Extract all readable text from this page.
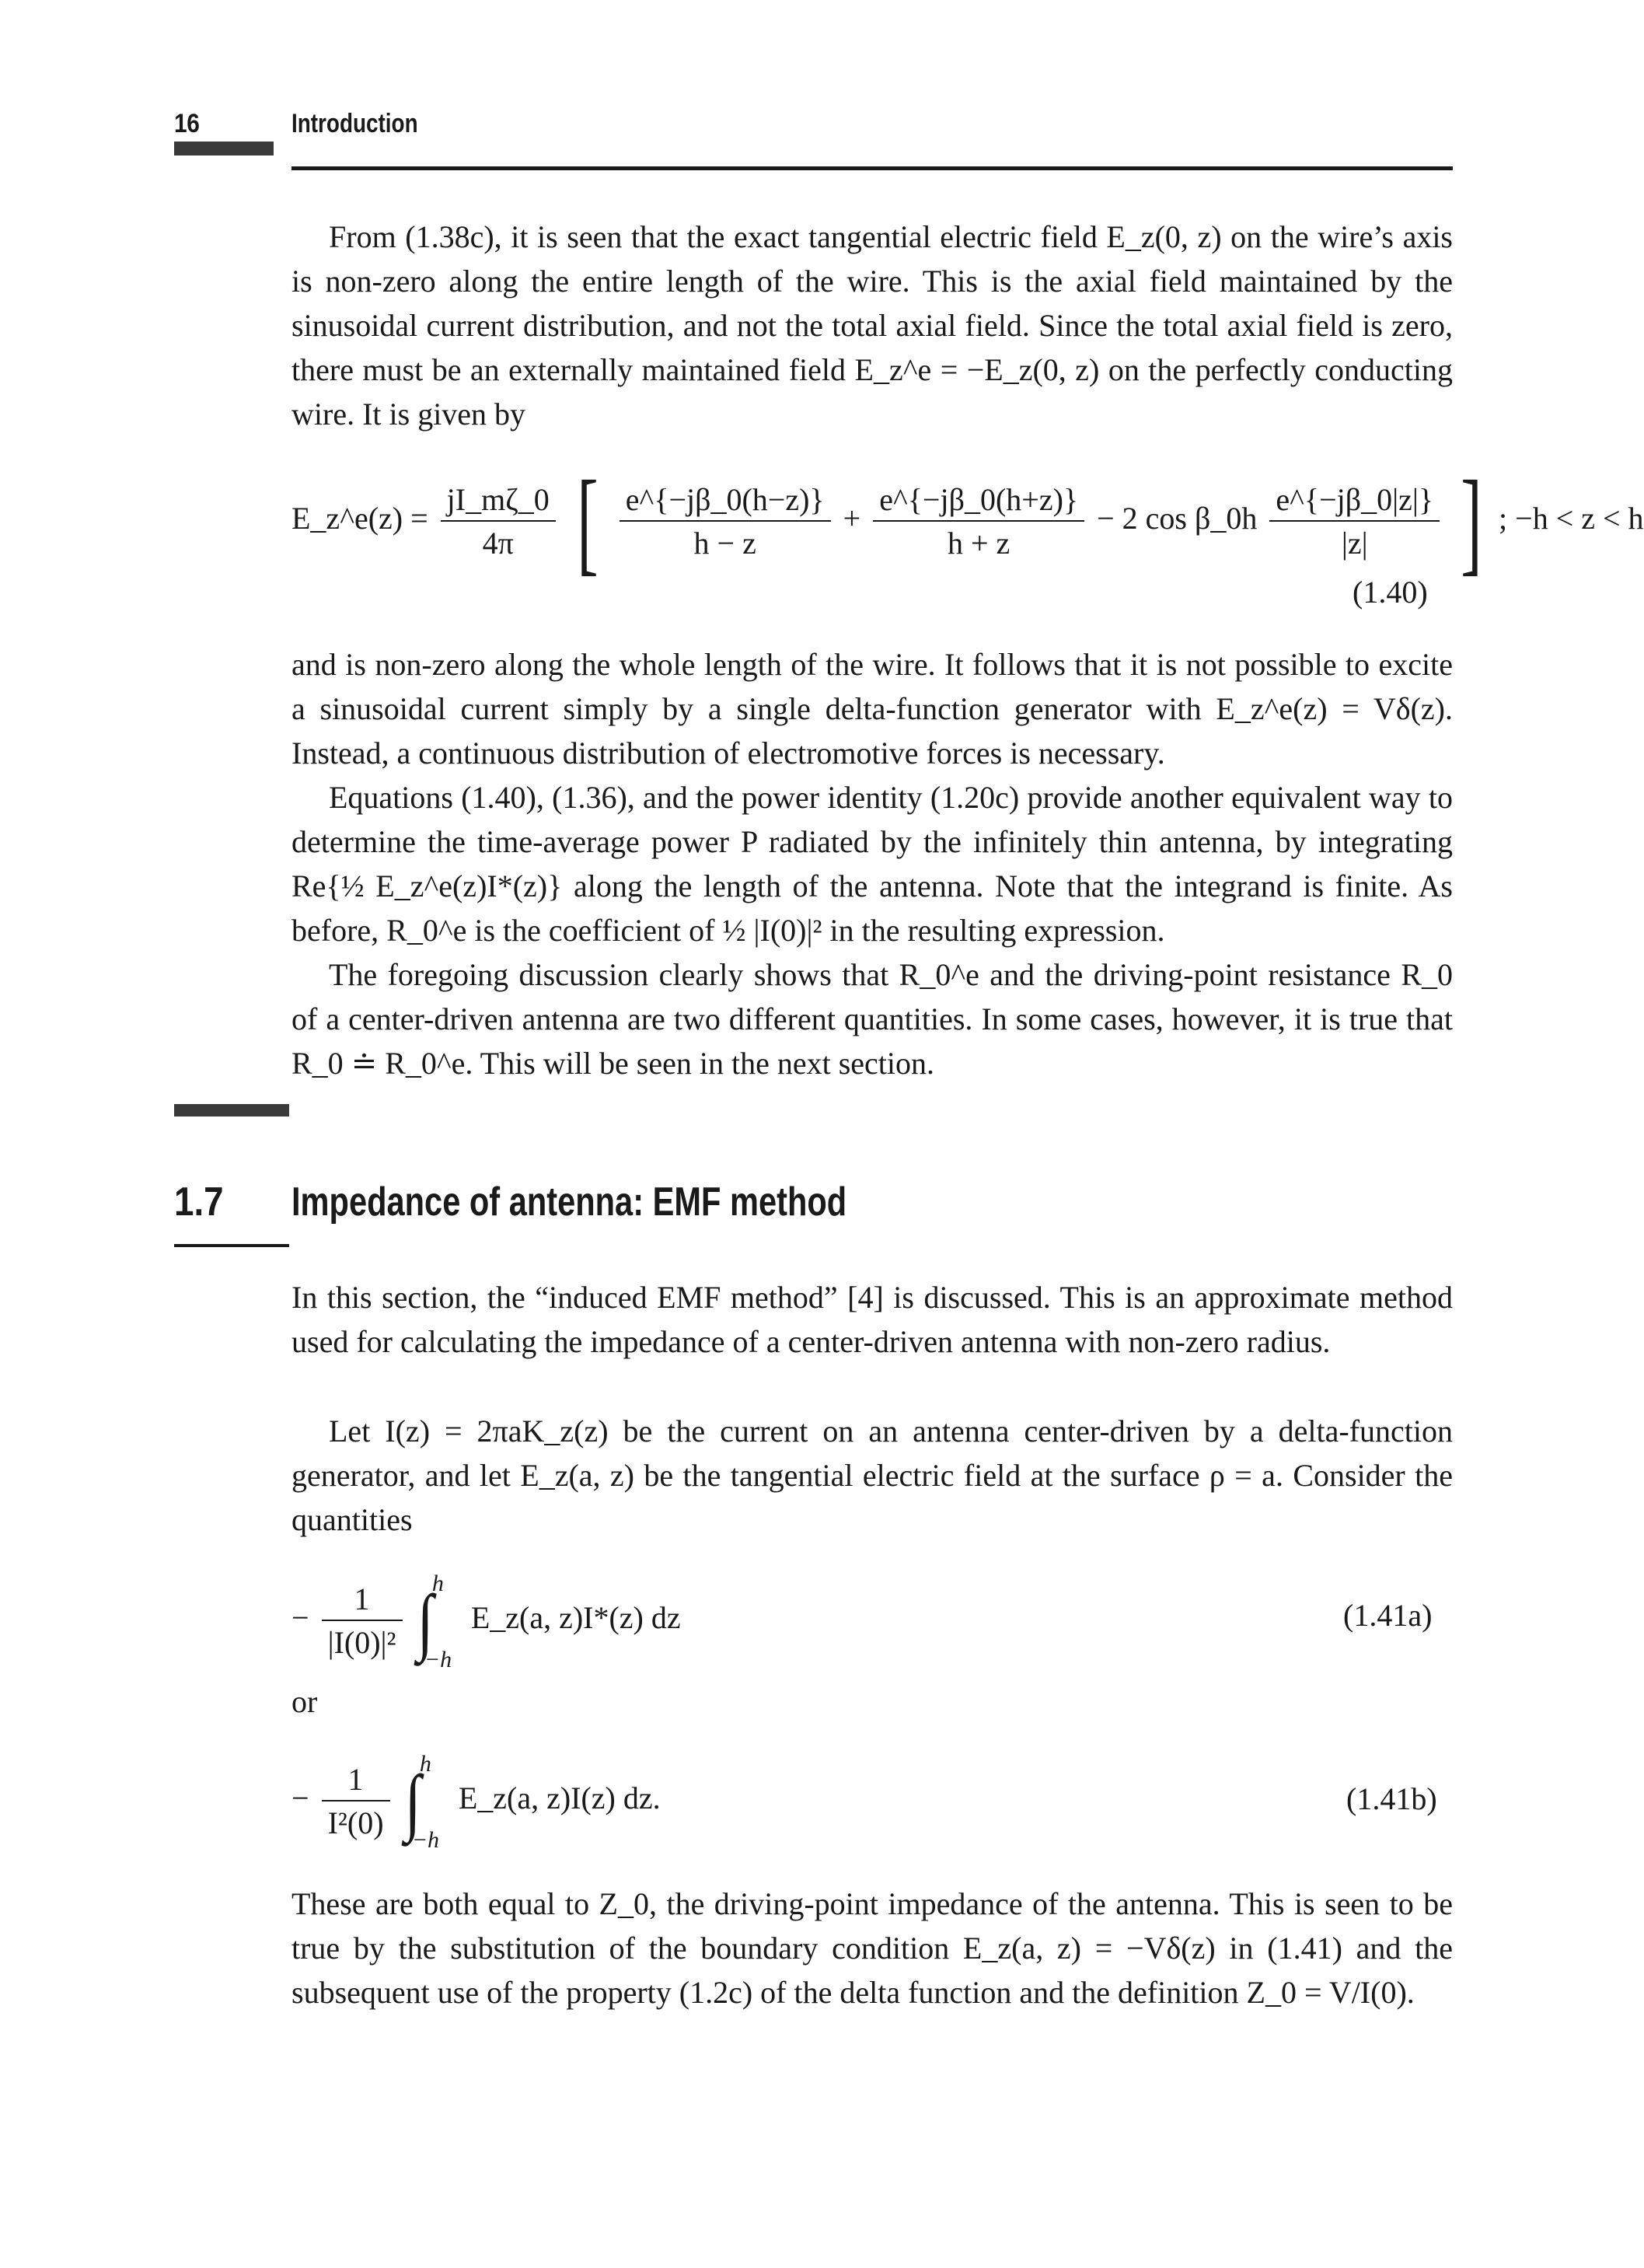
16	Introduction

From (1.38c), it is seen that the exact tangential electric field E_z(0, z) on the wire’s axis is non-zero along the entire length of the wire. This is the axial field maintained by the sinusoidal current distribution, and not the total axial field. Since the total axial field is zero, there must be an externally maintained field E_z^e = −E_z(0, z) on the perfectly conducting wire. It is given by

E_z^e(z) = $\frac{jI\_m\zeta\_0}{4\pi}$ [ $\frac{e\^{}\{-j\beta\_0(h-z)\}}{h - z} + \frac{e\^{}\{-j\beta\_0(h+z)\}}{h + z} - 2$ cos β_0h $\frac{e\^{}\{-j\beta\_0|z|\}}{|z|}$ ] ; −h < z < h
(1.40)

and is non-zero along the whole length of the wire. It follows that it is not possible to excite a sinusoidal current simply by a single delta-function generator with E_z^e(z) = Vδ(z). Instead, a continuous distribution of electromotive forces is necessary.

Equations (1.40), (1.36), and the power identity (1.20c) provide another equivalent way to determine the time-average power P radiated by the infinitely thin antenna, by integrating Re{½ E_z^e(z)I*(z)} along the length of the antenna. Note that the integrand is finite. As before, R_0^e is the coefficient of ½ |I(0)|² in the resulting expression.

The foregoing discussion clearly shows that R_0^e and the driving-point resistance R_0 of a center-driven antenna are two different quantities. In some cases, however, it is true that R_0 ≐ R_0^e. This will be seen in the next section.

1.7 Impedance of antenna: EMF method

In this section, the “induced EMF method” [4] is discussed. This is an approximate method used for calculating the impedance of a center-driven antenna with non-zero radius.

Let I(z) = 2πaK_z(z) be the current on an antenna center-driven by a delta-function generator, and let E_z(a, z) be the tangential electric field at the surface ρ = a. Consider the quantities

− $\frac{1}{\text{|I(0)|²}}$ ∫
h
−h
E_z(a, z)I*(z) dz	(1.41a)

or

− $\frac{1}{\text{I²(0)}}$ ∫
h
−h
E_z(a, z)I(z) dz.	(1.41b)

These are both equal to Z_0, the driving-point impedance of the antenna. This is seen to be true by the substitution of the boundary condition E_z(a, z) = −Vδ(z) in (1.41) and the subsequent use of the property (1.2c) of the delta function and the definition Z_0 = V/I(0).
